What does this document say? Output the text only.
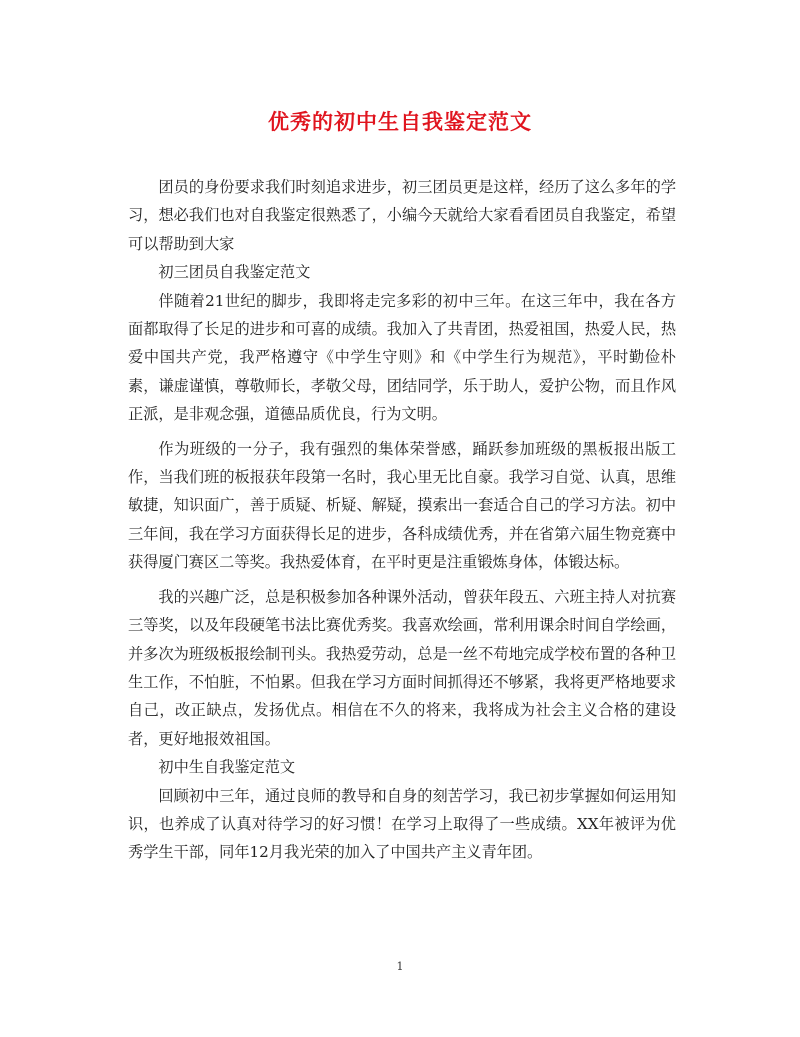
优秀的初中生自我鉴定范文

团员的身份要求我们时刻追求进步，初三团员更是这样，经历了这么多年的学习，想必我们也对自我鉴定很熟悉了，小编今天就给大家看看团员自我鉴定，希望可以帮助到大家

初三团员自我鉴定范文

伴随着21世纪的脚步，我即将走完多彩的初中三年。在这三年中，我在各方面都取得了长足的进步和可喜的成绩。我加入了共青团，热爱祖国，热爱人民，热爱中国共产党，我严格遵守《中学生守则》和《中学生行为规范》，平时勤俭朴素，谦虚谨慎，尊敬师长，孝敬父母，团结同学，乐于助人，爱护公物，而且作风正派，是非观念强，道德品质优良，行为文明。

作为班级的一分子，我有强烈的集体荣誉感，踊跃参加班级的黑板报出版工作，当我们班的板报获年段第一名时，我心里无比自豪。我学习自觉、认真，思维敏捷，知识面广，善于质疑、析疑、解疑，摸索出一套适合自己的学习方法。初中三年间，我在学习方面获得长足的进步，各科成绩优秀，并在省第六届生物竞赛中获得厦门赛区二等奖。我热爱体育，在平时更是注重锻炼身体，体锻达标。

我的兴趣广泛，总是积极参加各种课外活动，曾获年段五、六班主持人对抗赛三等奖，以及年段硬笔书法比赛优秀奖。我喜欢绘画，常利用课余时间自学绘画，并多次为班级板报绘制刊头。我热爱劳动，总是一丝不苟地完成学校布置的各种卫生工作，不怕脏，不怕累。但我在学习方面时间抓得还不够紧，我将更严格地要求自己，改正缺点，发扬优点。相信在不久的将来，我将成为社会主义合格的建设者，更好地报效祖国。

初中生自我鉴定范文

回顾初中三年，通过良师的教导和自身的刻苦学习，我已初步掌握如何运用知识，也养成了认真对待学习的好习惯！在学习上取得了一些成绩。XX年被评为优秀学生干部，同年12月我光荣的加入了中国共产主义青年团。

1
